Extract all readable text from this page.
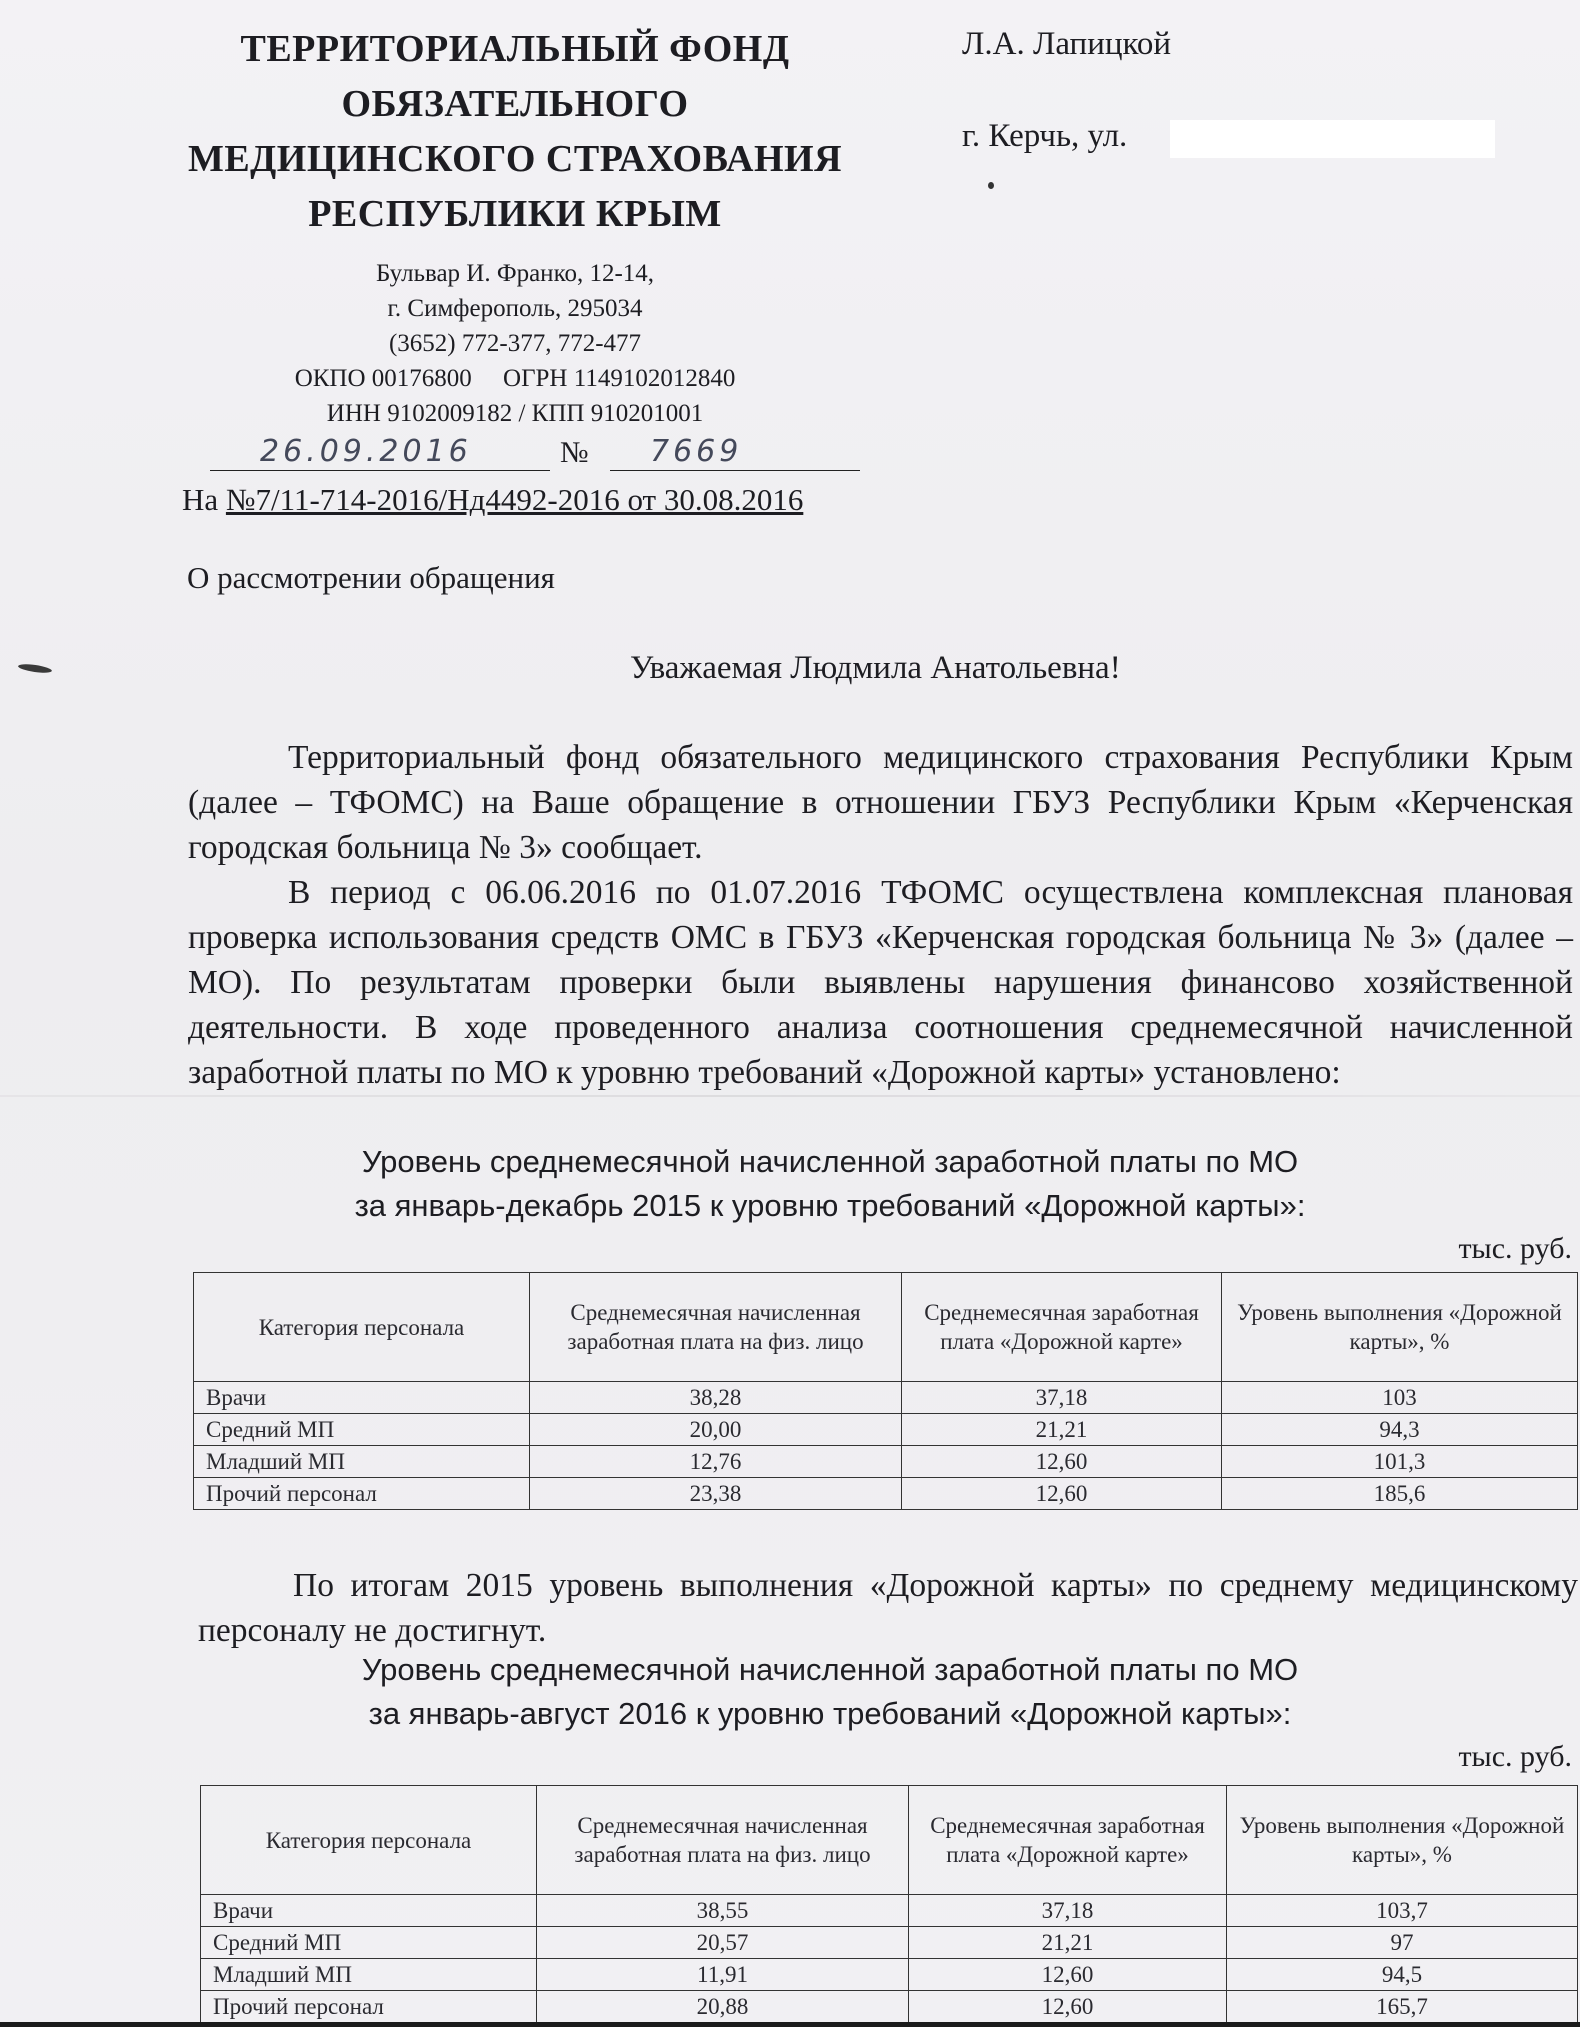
ТЕРРИТОРИАЛЬНЫЙ ФОНД
ОБЯЗАТЕЛЬНОГО
МЕДИЦИНСКОГО СТРАХОВАНИЯ
РЕСПУБЛИКИ КРЫМ
Бульвар И. Франко, 12-14,
г. Симферополь, 295034
(3652) 772-377, 772-477
ОКПО 00176800     ОГРН 1149102012840
ИНН 9102009182 / КПП 910201001
26.09.2016	№ 7669
На №7/11-714-2016/Нд4492-2016 от 30.08.2016
Л.А. Лапицкой
г. Керчь, ул.
О рассмотрении обращения
Уважаемая Людмила Анатольевна!

Территориальный фонд обязательного медицинского страхования Республики Крым (далее – ТФОМС) на Ваше обращение в отношении ГБУЗ Республики Крым «Керченская городская больница № 3» сообщает.

В период с 06.06.2016 по 01.07.2016 ТФОМС осуществлена комплексная плановая проверка использования средств ОМС в ГБУЗ «Керченская городская больница № 3» (далее – МО). По результатам проверки были выявлены нарушения финансово хозяйственной деятельности. В ходе проведенного анализа соотношения среднемесячной начисленной заработной платы по МО к уровню требований «Дорожной карты» установлено:

Уровень среднемесячной начисленной заработной платы по МО
за январь-декабрь 2015 к уровню требований «Дорожной карты»:
тыс. руб.
Категория персонала	Среднемесячная начисленная заработная плата на физ. лицо	Среднемесячная заработная плата «Дорожной карте»	Уровень выполнения «Дорожной карты», %
Врачи	38,28	37,18	103
Средний МП	20,00	21,21	94,3
Младший МП	12,76	12,60	101,3
Прочий персонал	23,38	12,60	185,6

По итогам 2015 уровень выполнения «Дорожной карты» по среднему медицинскому персоналу не достигнут.

Уровень среднемесячной начисленной заработной платы по МО
за январь-август 2016 к уровню требований «Дорожной карты»:
тыс. руб.
Категория персонала	Среднемесячная начисленная заработная плата на физ. лицо	Среднемесячная заработная плата «Дорожной карте»	Уровень выполнения «Дорожной карты», %
Врачи	38,55	37,18	103,7
Средний МП	20,57	21,21	97
Младший МП	11,91	12,60	94,5
Прочий персонал	20,88	12,60	165,7
